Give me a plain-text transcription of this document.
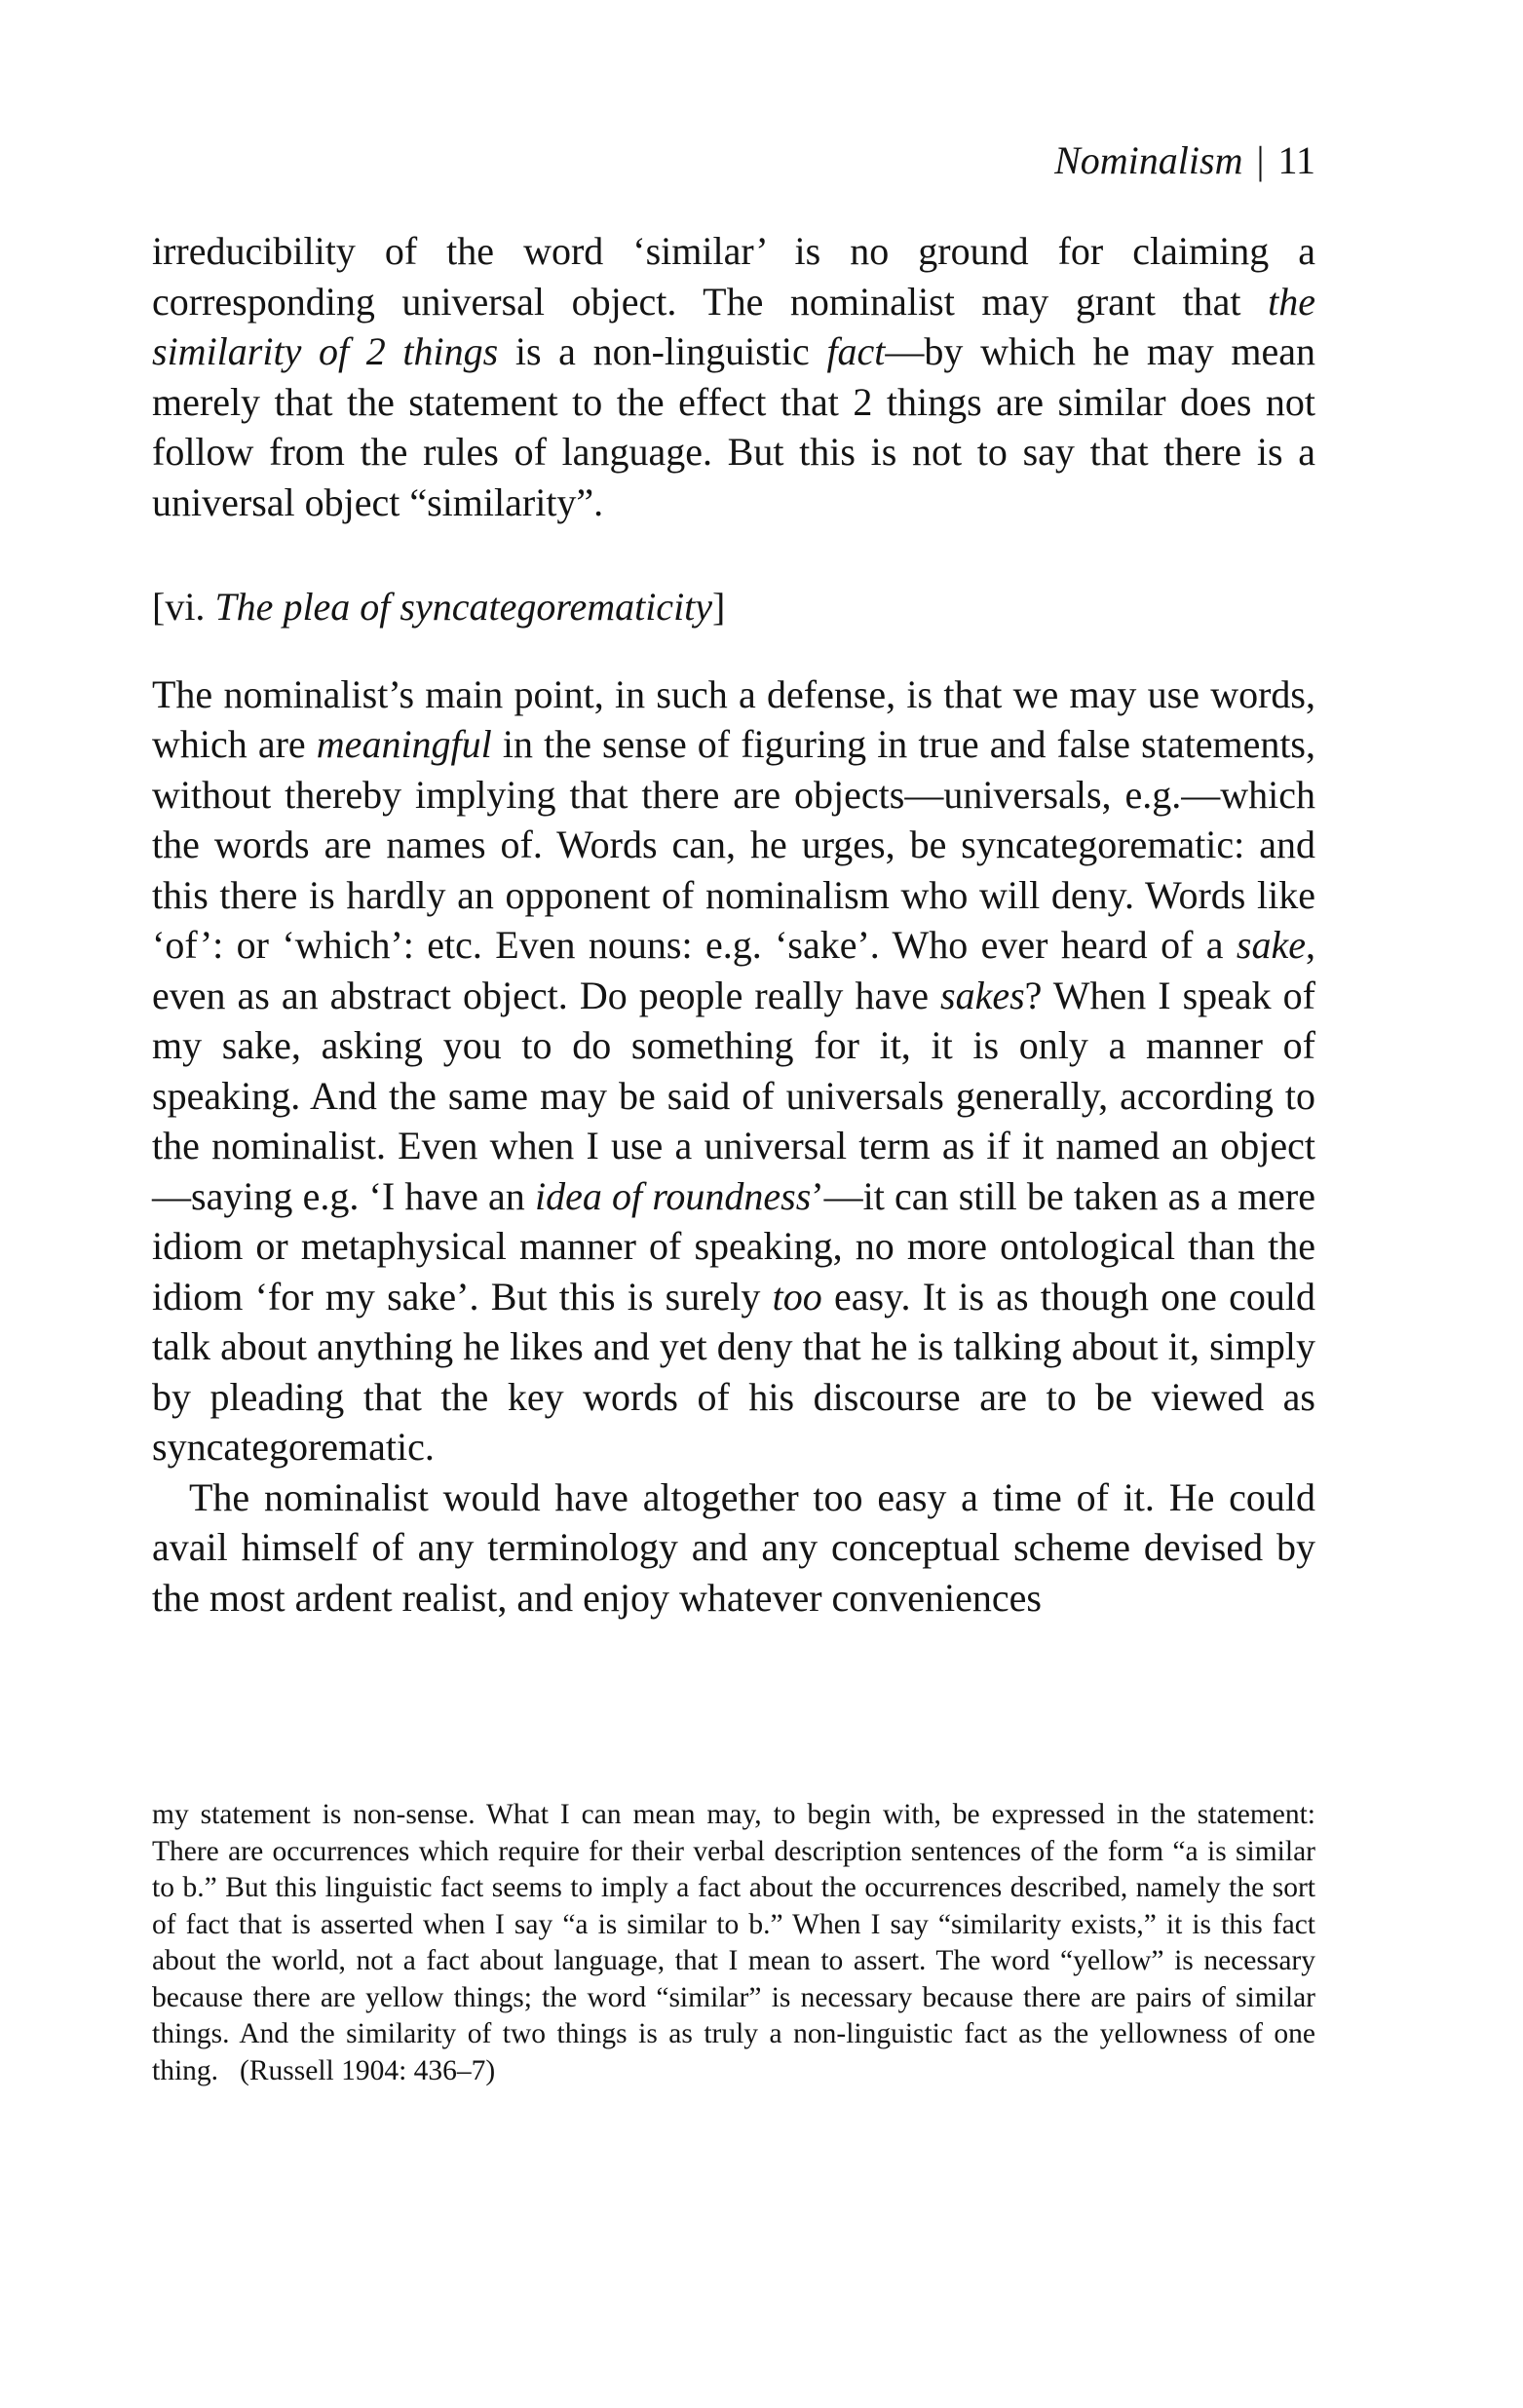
Nominalism | 11

irreducibility of the word ‘similar’ is no ground for claiming a corresponding universal object. The nominalist may grant that the similarity of 2 things is a non-linguistic fact—by which he may mean merely that the statement to the effect that 2 things are similar does not follow from the rules of language. But this is not to say that there is a universal object “similarity”.

[vi. The plea of syncategorematicity]

The nominalist’s main point, in such a defense, is that we may use words, which are meaningful in the sense of figuring in true and false statements, without thereby implying that there are objects—universals, e.g.—which the words are names of. Words can, he urges, be syncategorematic: and this there is hardly an opponent of nominalism who will deny. Words like ‘of’: or ‘which’: etc. Even nouns: e.g. ‘sake’. Who ever heard of a sake, even as an abstract object. Do people really have sakes? When I speak of my sake, asking you to do something for it, it is only a manner of speaking. And the same may be said of universals generally, according to the nominalist. Even when I use a universal term as if it named an object—saying e.g. ‘I have an idea of roundness’—it can still be taken as a mere idiom or metaphysical manner of speaking, no more ontological than the idiom ‘for my sake’. But this is surely too easy. It is as though one could talk about anything he likes and yet deny that he is talking about it, simply by pleading that the key words of his discourse are to be viewed as syncategorematic.

The nominalist would have altogether too easy a time of it. He could avail himself of any terminology and any conceptual scheme devised by the most ardent realist, and enjoy whatever conveniences

my statement is non-sense. What I can mean may, to begin with, be expressed in the statement: There are occurrences which require for their verbal description sentences of the form “a is similar to b.” But this linguistic fact seems to imply a fact about the occurrences described, namely the sort of fact that is asserted when I say “a is similar to b.” When I say “similarity exists,” it is this fact about the world, not a fact about language, that I mean to assert. The word “yellow” is necessary because there are yellow things; the word “similar” is necessary because there are pairs of similar things. And the similarity of two things is as truly a non-linguistic fact as the yellowness of one thing. (Russell 1904: 436–7)
